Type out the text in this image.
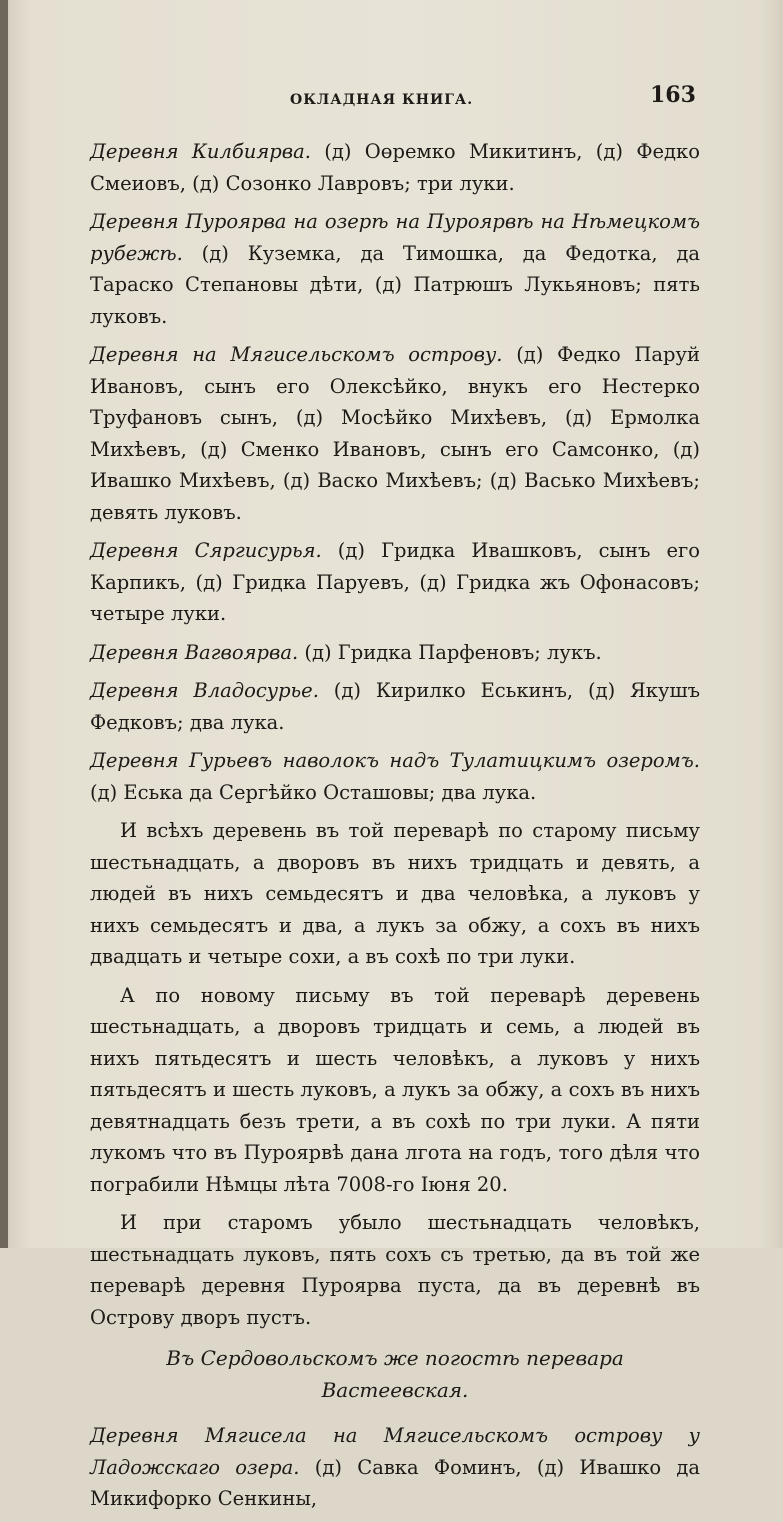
ОКЛАДНАЯ КНИГА.	163

Деревня Килбиярва. (д) Оөремко Микитинъ, (д) Федко Смеиовъ, (д) Созонко Лавровъ; три луки.

Деревня Пуроярва на озерѣ на Пуроярвѣ на Нѣмецкомъ рубежѣ. (д) Куземка, да Тимошка, да Федотка, да Тараско Степановы дѣти, (д) Патрюшъ Лукьяновъ; пять луковъ.

Деревня на Мягисельскомъ острову. (д) Федко Паруй Ивановъ, сынъ его Олексѣйко, внукъ его Нестерко Труфановъ сынъ, (д) Мосѣйко Михѣевъ, (д) Ермолка Михѣевъ, (д) Сменко Ивановъ, сынъ его Самсонко, (д) Ивашко Михѣевъ, (д) Васко Михѣевъ; (д) Васько Михѣевъ; девять луковъ.

Деревня Сяргисурья. (д) Гридка Ивашковъ, сынъ его Карпикъ, (д) Гридка Паруевъ, (д) Гридка жъ Офонасовъ; четыре луки.

Деревня Вагвоярва. (д) Гридка Парфеновъ; лукъ.

Деревня Владосурье. (д) Кирилко Еськинъ, (д) Якушъ Федковъ; два лука.

Деревня Гурьевъ наволокъ надъ Тулатицкимъ озеромъ. (д) Еська да Сергѣйко Осташовы; два лука.

И всѣхъ деревень въ той переварѣ по старому письму шестьнадцать, а дворовъ въ нихъ тридцать и девять, а людей въ нихъ семьдесятъ и два человѣка, а луковъ у нихъ семьдесятъ и два, а лукъ за обжу, а сохъ въ нихъ двадцать и четыре сохи, а въ сохѣ по три луки.

А по новому письму въ той переварѣ деревень шестьнадцать, а дворовъ тридцать и семь, а людей въ нихъ пятьдесятъ и шесть человѣкъ, а луковъ у нихъ пятьдесятъ и шесть луковъ, а лукъ за обжу, а сохъ въ нихъ девятнадцать безъ трети, а въ сохѣ по три луки. А пяти лукомъ что въ Пуроярвѣ дана лгота на годъ, того дѣля что пограбили Нѣмцы лѣта 7008-го Іюня 20.

И при старомъ убыло шестьнадцать человѣкъ, шестьнадцать луковъ, пять сохъ съ третью, да въ той же переварѣ деревня Пуроярва пуста, да въ деревнѣ въ Острову дворъ пустъ.

Въ Сердовольскомъ же погостѣ перевара Вастеевская.

Деревня Мягисела на Мягисельскомъ острову у Ладожскаго озера. (д) Савка Фоминъ, (д) Ивашко да Микифорко Сенкины,
